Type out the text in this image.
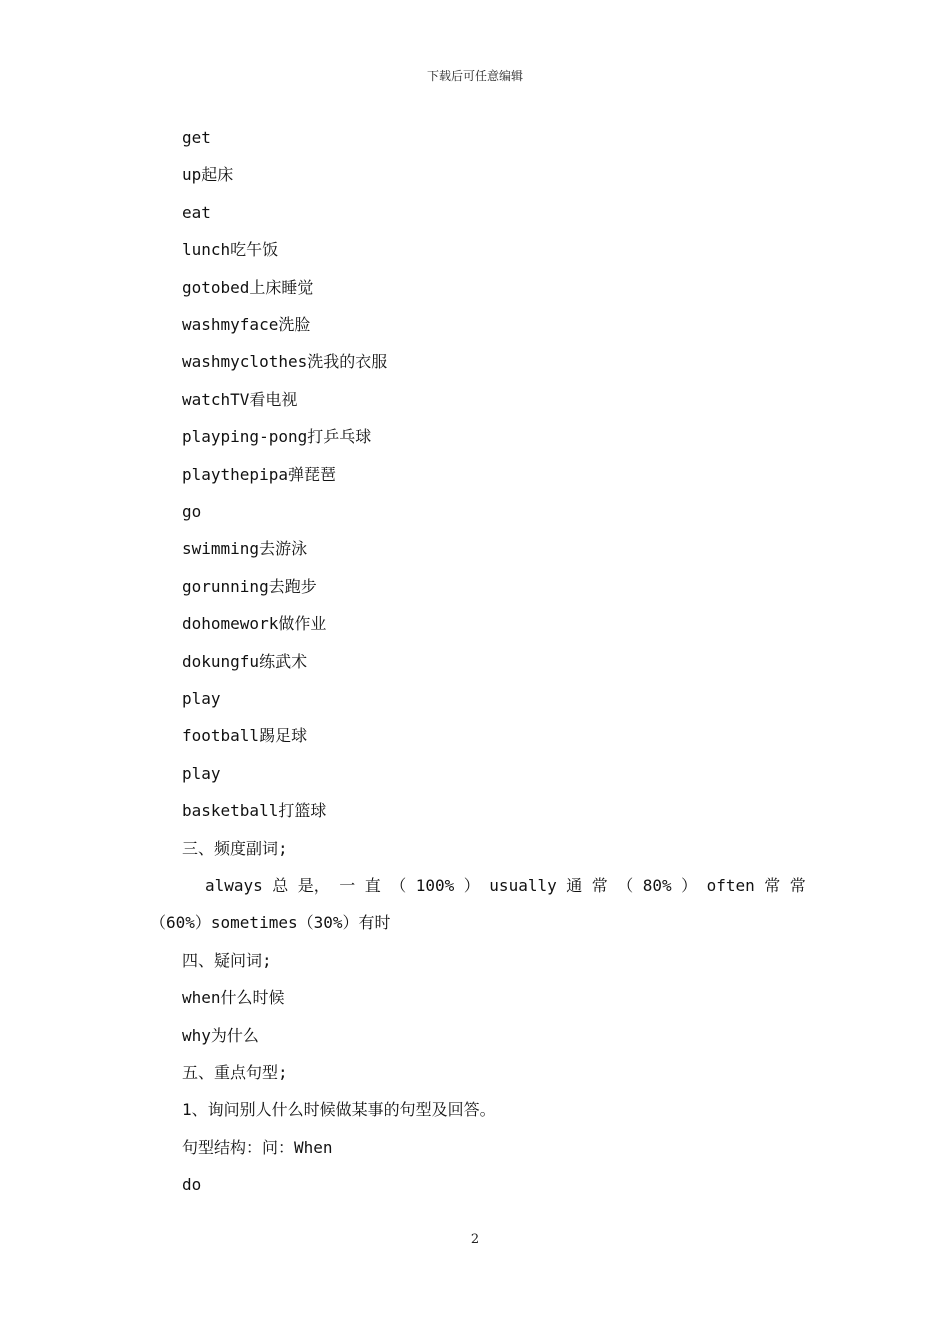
下载后可任意编辑
get
up起床
eat
lunch吃午饭
gotobed上床睡觉
washmyface洗脸
washmyclothes洗我的衣服
watchTV看电视
playping-pong打乒乓球
playthepipa弹琵琶
go
swimming去游泳
gorunning去跑步
dohomework做作业
dokungfu练武术
play
football踢足球
play
basketball打篮球
三、频度副词;
always 总 是， 一 直 （ 100% ） usually 通 常 （ 80% ） often 常 常
（60%）sometimes（30%）有时
四、疑问词;
when什么时候
why为什么
五、重点句型;
1、询问别人什么时候做某事的句型及回答。
句型结构：问：When
do
2
